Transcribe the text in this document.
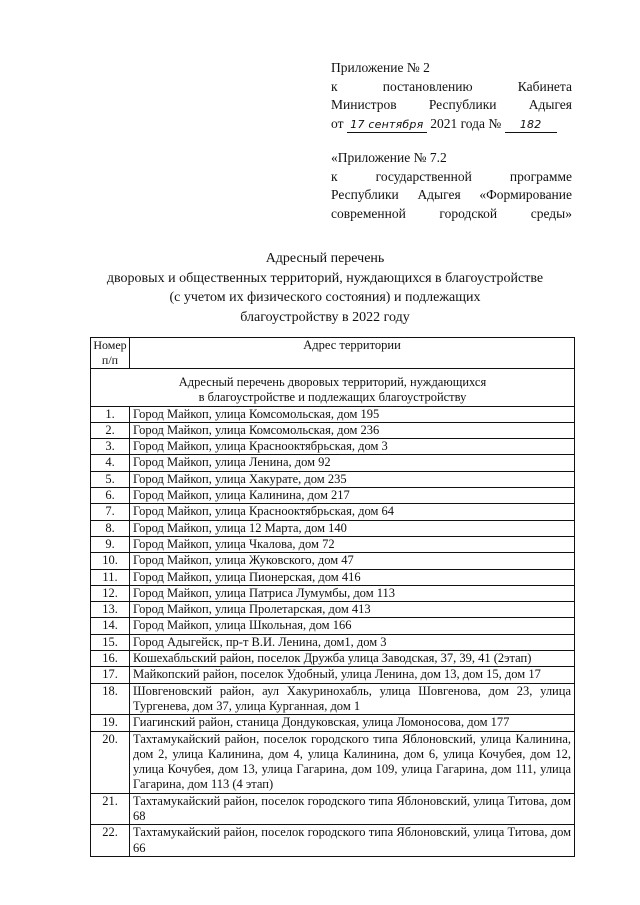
Приложение № 2
к	постановлению	Кабинета
Министров Республики Адыгея
от 17 сентября 2021 года № 182
«Приложение № 7.2
к	государственной	программе
Республики Адыгея «Формирование
современной городской среды»
Адресный перечень
дворовых и общественных территорий, нуждающихся в благоустройстве
(с учетом их физического состояния) и подлежащих
благоустройству в 2022 году
Номер
п/п	Адрес территории

Адресный перечень дворовых территорий, нуждающихся
в благоустройстве и подлежащих благоустройству	

1.	Город Майкоп, улица Комсомольская, дом 195
2.	Город Майкоп, улица Комсомольская, дом 236
3.	Город Майкоп, улица Краснооктябрьская, дом 3
4.	Город Майкоп, улица Ленина, дом 92
5.	Город Майкоп, улица Хакурате, дом 235
6.	Город Майкоп, улица Калинина, дом 217
7.	Город Майкоп, улица Краснооктябрьская, дом 64
8.	Город Майкоп, улица 12 Марта, дом 140
9.	Город Майкоп, улица Чкалова, дом 72
10.	Город Майкоп, улица Жуковского, дом 47
11.	Город Майкоп, улица Пионерская, дом 416
12.	Город Майкоп, улица Патриса Лумумбы, дом 113
13.	Город Майкоп, улица Пролетарская, дом 413
14.	Город Майкоп, улица Школьная, дом 166
15.	Город Адыгейск, пр-т В.И. Ленина, дом1, дом 3
16.	Кошехабльский район, поселок Дружба улица Заводская, 37, 39, 41 (2этап)
17.	Майкопский район, поселок Удобный, улица Ленина, дом 13, дом 15, дом 17
18.	Шовгеновский район, аул Хакуринохабль, улица Шовгенова, дом 23, улица Тургенева, дом 37, улица Курганная, дом 1
19.	Гиагинский район, станица Дондуковская, улица Ломоносова, дом 177
20.	Тахтамукайский район, поселок городского типа Яблоновский, улица Калинина, дом 2, улица Калинина, дом 4, улица Калинина, дом 6, улица Кочубея, дом 12, улица Кочубея, дом 13, улица Гагарина, дом 109, улица Гагарина, дом 111, улица Гагарина, дом 113 (4 этап)
21.	Тахтамукайский район, поселок городского типа Яблоновский, улица Титова, дом 68
22.	Тахтамукайский район, поселок городского типа Яблоновский, улица Титова, дом 66
